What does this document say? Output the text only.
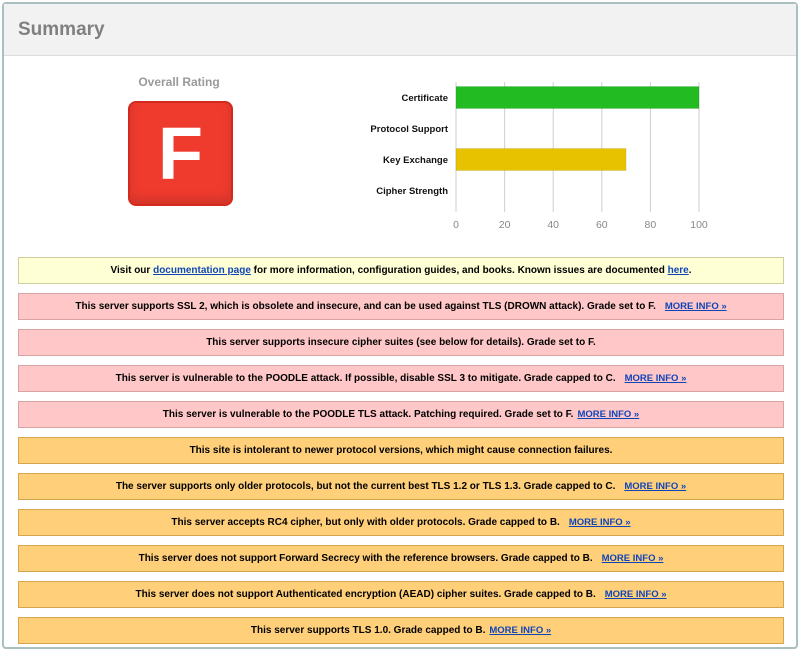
Summary
Overall Rating
F
0	20	40	60	80	100
Certificate
Protocol Support
Key Exchange
Cipher Strength
Visit our
documentation page
for more information, configuration guides, and books. Known issues are documented
here .
This server supports SSL 2, which is obsolete and insecure, and can be used against TLS (DROWN attack). Grade set to F. MORE INFO »
This server supports insecure cipher suites (see below for details). Grade set to F.
This server is vulnerable to the POODLE attack. If possible, disable SSL 3 to mitigate. Grade capped to C. MORE INFO »
This server is vulnerable to the POODLE TLS attack. Patching required. Grade set to F. MORE INFO »
This site is intolerant to newer protocol versions, which might cause connection failures.
The server supports only older protocols, but not the current best TLS 1.2 or TLS 1.3. Grade capped to C. MORE INFO »
This server accepts RC4 cipher, but only with older protocols. Grade capped to B. MORE INFO »
This server does not support Forward Secrecy with the reference browsers. Grade capped to B. MORE INFO »
This server does not support Authenticated encryption (AEAD) cipher suites. Grade capped to B. MORE INFO »
This server supports TLS 1.0. Grade capped to B. MORE INFO »
